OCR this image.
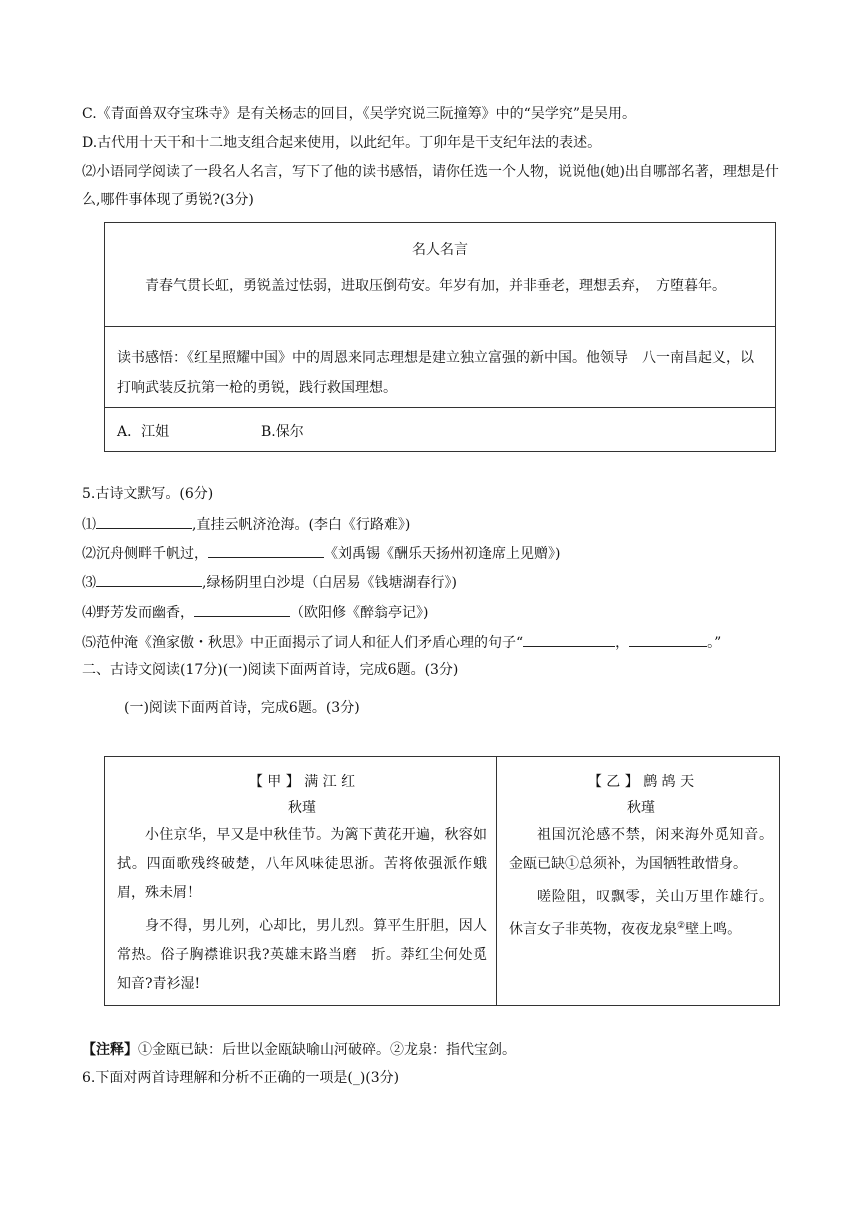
C.《青面兽双夺宝珠寺》是有关杨志的回目，《吴学究说三阮撞筹》中的“吴学究”是吴用。
D.古代用十天干和十二地支组合起来使用，以此纪年。丁卯年是干支纪年法的表述。
⑵小语同学阅读了一段名人名言，写下了他的读书感悟，请你任选一个人物，说说他(她)出自哪部名著，理想是什么,哪件事体现了勇锐?(3分)
名人名言
青春气贯长虹，勇锐盖过怯弱，进取压倒苟安。年岁有加，并非垂老，理想丢弃，　方堕暮年。
读书感悟：《红星照耀中国》中的周恩来同志理想是建立独立富强的新中国。他领导　八一南昌起义，以打响武装反抗第一枪的勇锐，践行救国理想。
A．江姐	B.保尔
5.古诗文默写。(6分)
⑴	,直挂云帆济沧海。(李白《行路难》)
⑵沉舟侧畔千帆过，	《刘禹锡《酬乐天扬州初逢席上见赠》)
⑶	,绿杨阴里白沙堤（白居易《钱塘湖春行》)
⑷野芳发而幽香，	（欧阳修《醉翁亭记》)
⑸范仲淹《渔家傲・秋思》中正面揭示了词人和征人们矛盾心理的句子“	，	。”
二、古诗文阅读(17分)(一)阅读下面两首诗，完成6题。(3分)
(一)阅读下面两首诗，完成6题。(3分)
【 甲 】 满 江 红
秋瑾

小住京华，早又是中秋佳节。为篱下黄花开遍，秋容如拭。四面歌残终破楚，八年风味徒思浙。苦将侬强派作蛾眉，殊未屑！

身不得，男儿列，心却比，男儿烈。算平生肝胆，因人常热。俗子胸襟谁识我?英雄末路当磨　折。莽红尘何处觅知音?青衫湿!

【 乙 】 鹧 鸪 天
秋瑾

祖国沉沦感不禁，闲来海外觅知音。金瓯已缺①总须补，为国牺牲敢惜身。

嗟险阻，叹飘零，关山万里作雄行。休言女子非英物，夜夜龙泉②壁上鸣。

【注释】①金瓯已缺：后世以金瓯缺喻山河破碎。②龙泉：指代宝剑。
6.下面对两首诗理解和分析不正确的一项是(_)(3分)
